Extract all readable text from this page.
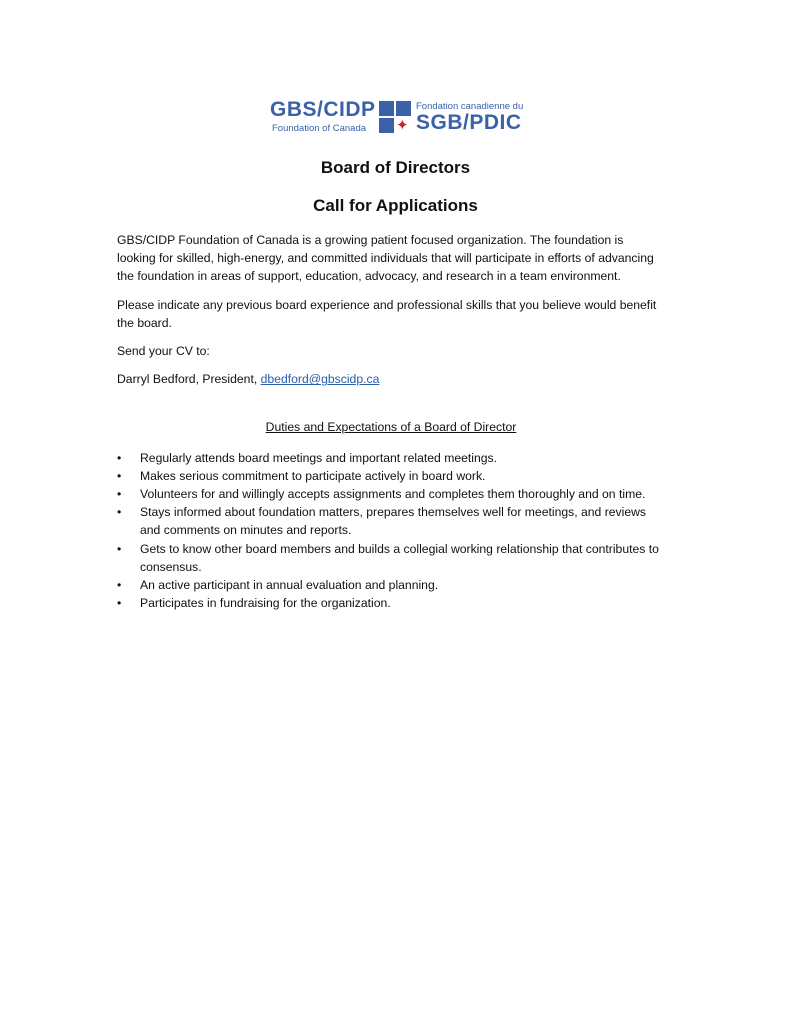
GBS/CIDP
Foundation of Canada ✦
Fondation canadienne du
SGB/PDIC
Board of Directors
Call for Applications

GBS/CIDP Foundation of Canada is a growing patient focused organization. The foundation is looking for skilled, high-energy, and committed individuals that will participate in efforts of advancing the foundation in areas of support, education, advocacy, and research in a team environment.

Please indicate any previous board experience and professional skills that you believe would benefit the board.

Send your CV to:

Darryl Bedford, President, dbedford@gbscidp.ca

Duties and Expectations of a Board of Director

• Regularly attends board meetings and important related meetings.
• Makes serious commitment to participate actively in board work.
• Volunteers for and willingly accepts assignments and completes them thoroughly and on time.
• Stays informed about foundation matters, prepares themselves well for meetings, and reviews and comments on minutes and reports.
• Gets to know other board members and builds a collegial working relationship that contributes to consensus.
• An active participant in annual evaluation and planning.
• Participates in fundraising for the organization.
